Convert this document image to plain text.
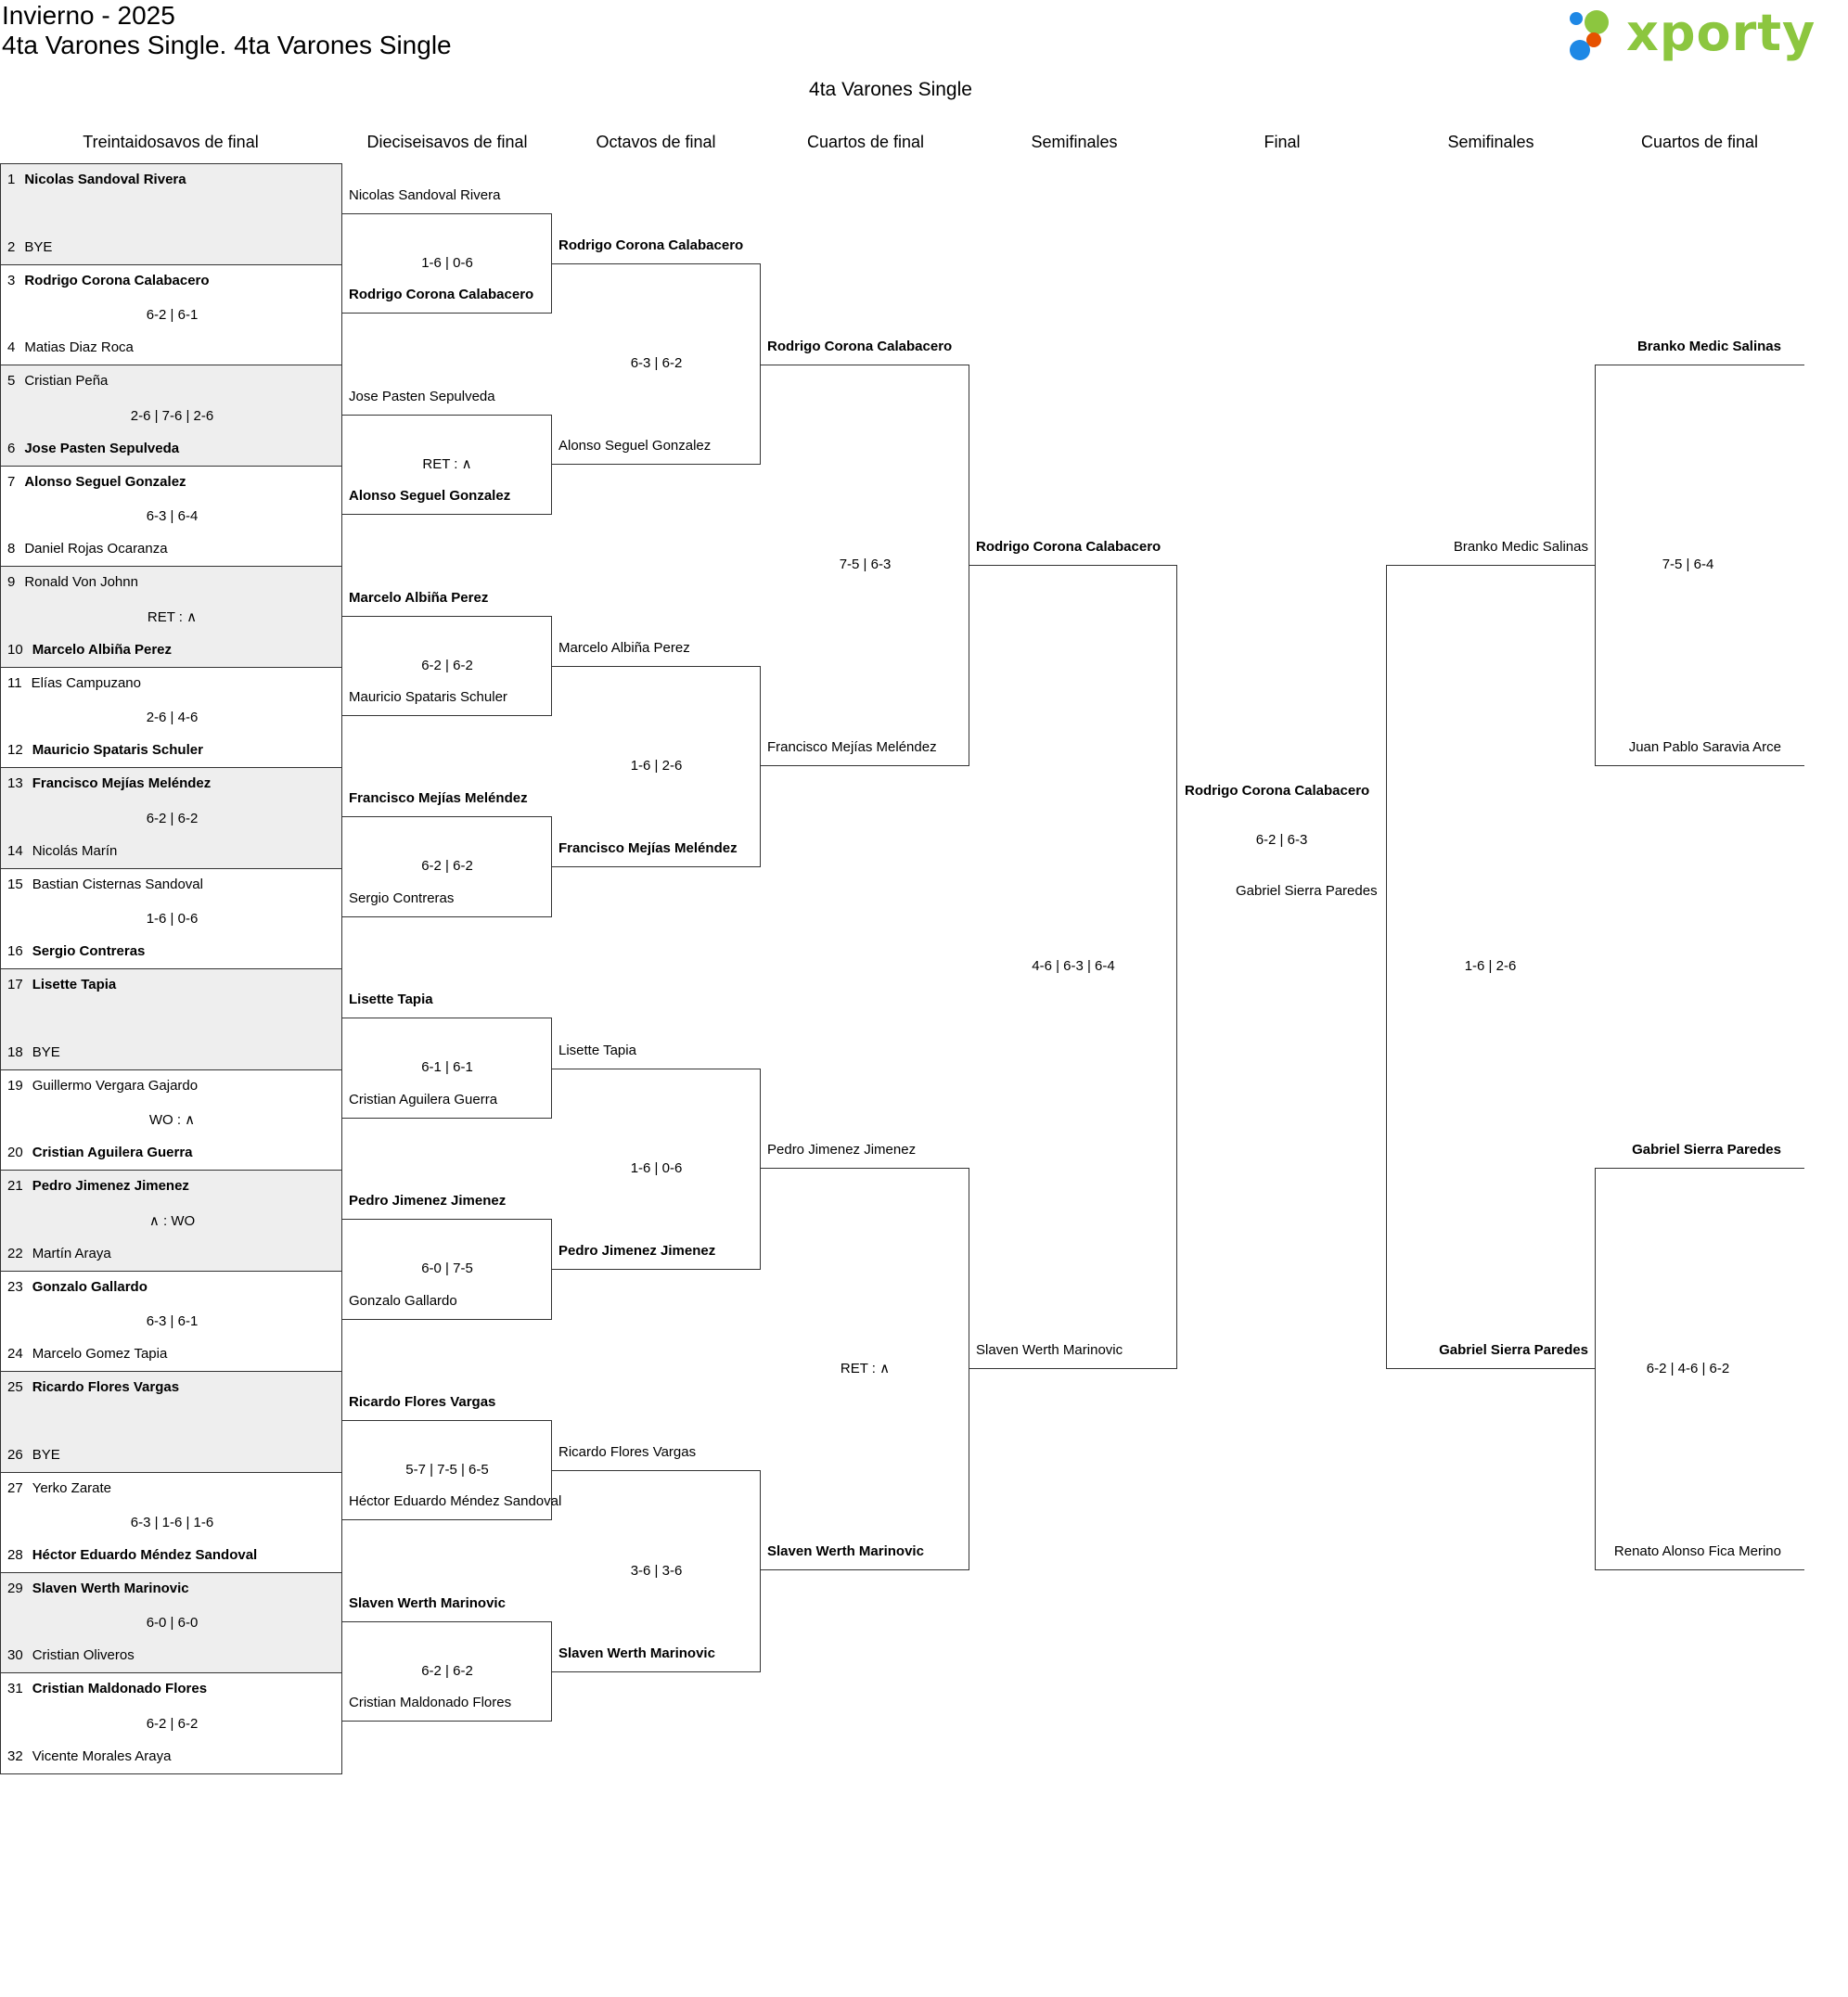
Invierno - 2025
4ta Varones Single. 4ta Varones Single	xporty
4ta Varones Single
Treintaidosavos de final	Dieciseisavos de final	Octavos de final	Cuartos de final	Semifinales	Final	Semifinales	Cuartos de final
1 Nicolas Sandoval Rivera
2 BYE
3 Rodrigo Corona Calabacero
4 Matias Diaz Roca
6-2 | 6-1
5 Cristian Peña
6 Jose Pasten Sepulveda
2-6 | 7-6 | 2-6
7 Alonso Seguel Gonzalez
8 Daniel Rojas Ocaranza
6-3 | 6-4
9 Ronald Von Johnn
10 Marcelo Albiña Perez
RET : ∧
11 Elías Campuzano
12 Mauricio Spataris Schuler
2-6 | 4-6
13 Francisco Mejías Meléndez
14 Nicolás Marín
6-2 | 6-2
15 Bastian Cisternas Sandoval
16 Sergio Contreras
1-6 | 0-6
17 Lisette Tapia
18 BYE
19 Guillermo Vergara Gajardo
20 Cristian Aguilera Guerra
WO : ∧
21 Pedro Jimenez Jimenez
22 Martín Araya
∧ : WO
23 Gonzalo Gallardo
24 Marcelo Gomez Tapia
6-3 | 6-1
25 Ricardo Flores Vargas
26 BYE
27 Yerko Zarate
28 Héctor Eduardo Méndez Sandoval
6-3 | 1-6 | 1-6
29 Slaven Werth Marinovic
30 Cristian Oliveros
6-0 | 6-0
31 Cristian Maldonado Flores
32 Vicente Morales Araya
6-2 | 6-2
Nicolas Sandoval Rivera
Rodrigo Corona Calabacero
1-6 | 0-6
Jose Pasten Sepulveda
Alonso Seguel Gonzalez
RET : ∧
Marcelo Albiña Perez
Mauricio Spataris Schuler
6-2 | 6-2
Francisco Mejías Meléndez
Sergio Contreras
6-2 | 6-2
Lisette Tapia
Cristian Aguilera Guerra
6-1 | 6-1
Pedro Jimenez Jimenez
Gonzalo Gallardo
6-0 | 7-5
Ricardo Flores Vargas
Héctor Eduardo Méndez Sandoval
5-7 | 7-5 | 6-5
Slaven Werth Marinovic
Cristian Maldonado Flores
6-2 | 6-2
Rodrigo Corona Calabacero
Alonso Seguel Gonzalez
6-3 | 6-2
Marcelo Albiña Perez
Francisco Mejías Meléndez
1-6 | 2-6
Lisette Tapia
Pedro Jimenez Jimenez
1-6 | 0-6
Ricardo Flores Vargas
Slaven Werth Marinovic
3-6 | 3-6
Rodrigo Corona Calabacero
Francisco Mejías Meléndez
7-5 | 6-3
Pedro Jimenez Jimenez
Slaven Werth Marinovic
RET : ∧
Rodrigo Corona Calabacero
Slaven Werth Marinovic
4-6 | 6-3 | 6-4
Rodrigo Corona Calabacero
6-2 | 6-3
Gabriel Sierra Paredes
Branko Medic Salinas
Gabriel Sierra Paredes
1-6 | 2-6
Branko Medic Salinas
Juan Pablo Saravia Arce
7-5 | 6-4
Gabriel Sierra Paredes
Renato Alonso Fica Merino
6-2 | 4-6 | 6-2
